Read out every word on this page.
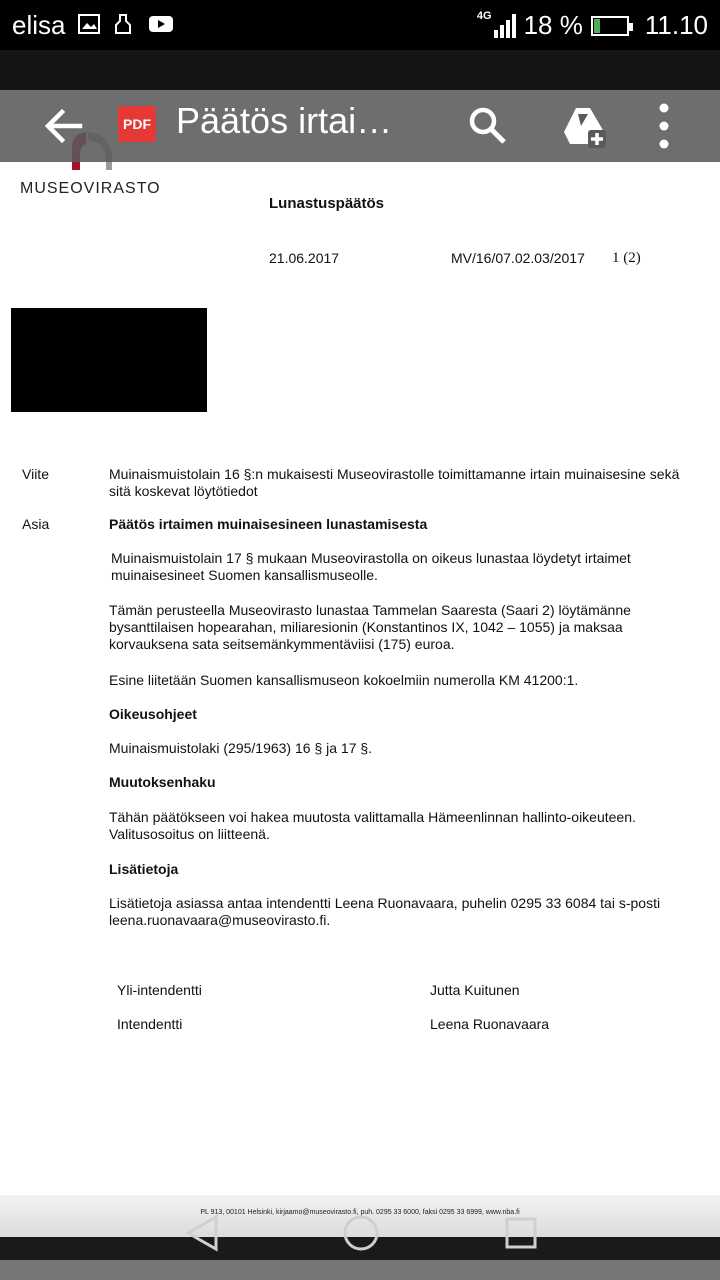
elisa	4G 18 % 11.10
MUSEOVIRASTO
Lunastuspäätös
21.06.2017	MV/16/07.02.03/2017 1 (2)
Viite	Muinaismuistolain 16 §:n mukaisesti Museovirastolle toimittamanne irtain muinaisesine sekä sitä koskevat löytötiedot
Asia	Päätös irtaimen muinaisesineen lunastamisesta
Muinaismuistolain 17 § mukaan Museovirastolla on oikeus lunastaa löydetyt irtaimet muinaisesineet Suomen kansallismuseolle.
Tämän perusteella Museovirasto lunastaa Tammelan Saaresta (Saari 2) löytämänne bysanttilaisen hopearahan, miliaresionin (Konstantinos IX, 1042 – 1055) ja maksaa korvauksena sata seitsemänkymmentäviisi (175) euroa.
Esine liitetään Suomen kansallismuseon kokoelmiin numerolla KM 41200:1.
Oikeusohjeet
Muinaismuistolaki (295/1963) 16 § ja 17 §.
Muutoksenhaku
Tähän päätökseen voi hakea muutosta valittamalla Hämeenlinnan hallinto-oikeuteen. Valitusosoitus on liitteenä.
Lisätietoja
Lisätietoja asiassa antaa intendentti Leena Ruonavaara, puhelin 0295 33 6084 tai s-posti leena.ruonavaara@museovirasto.fi.
Yli-intendentti	Jutta Kuitunen
Intendentti	Leena Ruonavaara
PDF Päätös irtai…
PL 913, 00101 Helsinki, kirjaamo@museovirasto.fi, puh. 0295 33 6000, faksi 0295 33 6999, www.nba.fi
